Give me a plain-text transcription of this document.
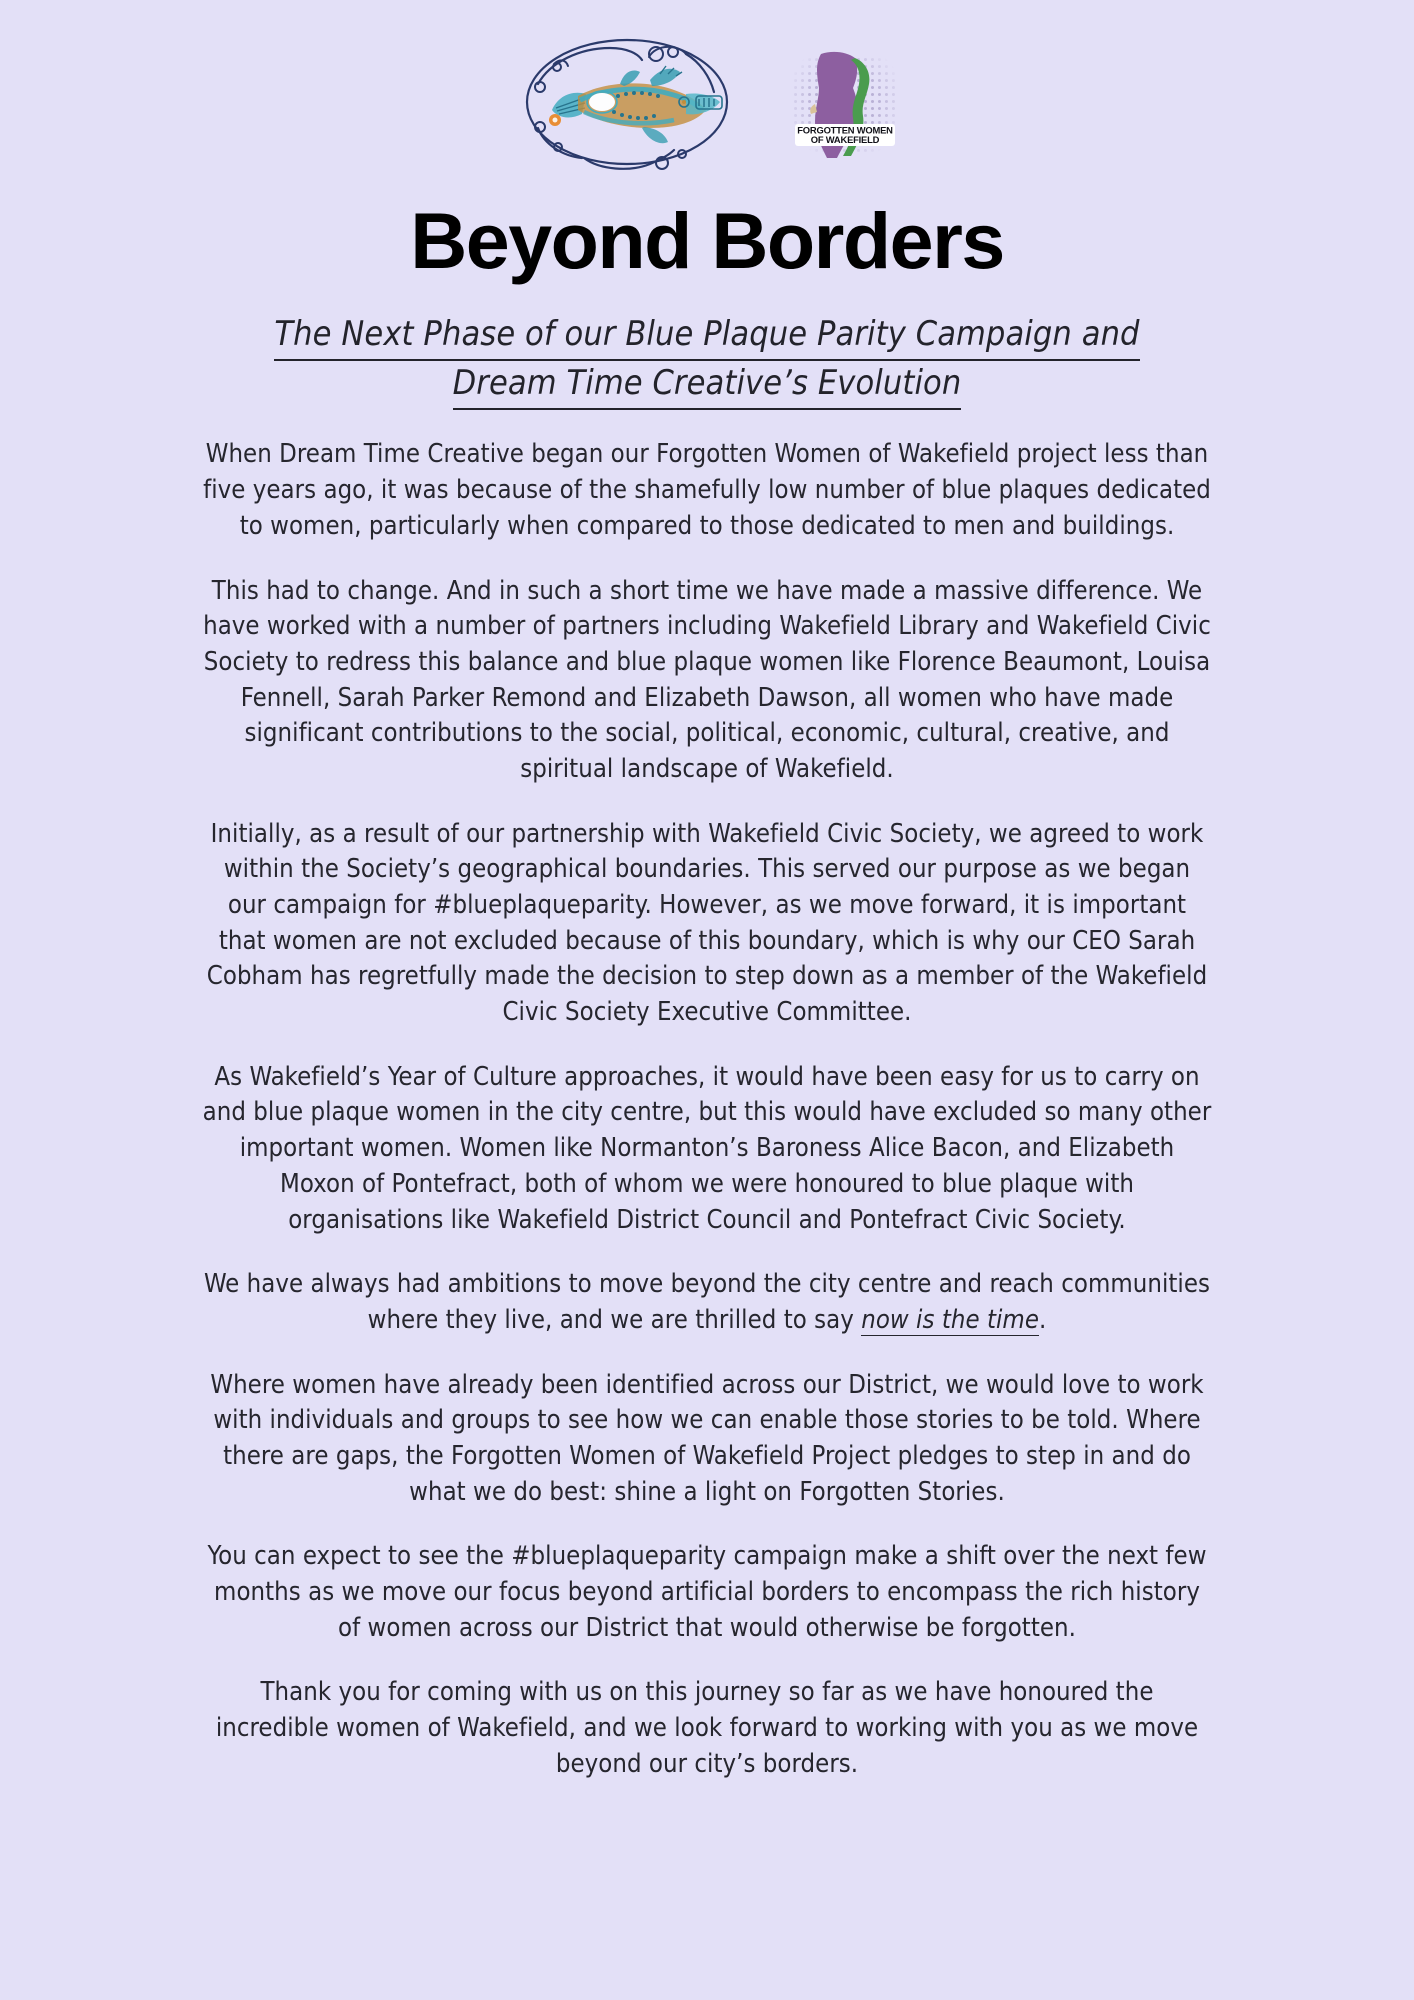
FORGOTTEN WOMEN
OF WAKEFIELD
Beyond Borders
The Next Phase of our Blue Plaque Parity Campaign and
Dream Time Creative’s Evolution

When Dream Time Creative began our Forgotten Women of Wakefield project less than five years ago, it was because of the shamefully low number of blue plaques dedicated to women, particularly when compared to those dedicated to men and buildings.

This had to change. And in such a short time we have made a massive difference. We have worked with a number of partners including Wakefield Library and Wakefield Civic Society to redress this balance and blue plaque women like Florence Beaumont, Louisa Fennell, Sarah Parker Remond and Elizabeth Dawson, all women who have made significant contributions to the social, political, economic, cultural, creative, and spiritual landscape of Wakefield.

Initially, as a result of our partnership with Wakefield Civic Society, we agreed to work within the Society’s geographical boundaries. This served our purpose as we began our campaign for #blueplaqueparity. However, as we move forward, it is important that women are not excluded because of this boundary, which is why our CEO Sarah Cobham has regretfully made the decision to step down as a member of the Wakefield Civic Society Executive Committee.

As Wakefield’s Year of Culture approaches, it would have been easy for us to carry on and blue plaque women in the city centre, but this would have excluded so many other important women. Women like Normanton’s Baroness Alice Bacon, and Elizabeth Moxon of Pontefract, both of whom we were honoured to blue plaque with organisations like Wakefield District Council and Pontefract Civic Society.

We have always had ambitions to move beyond the city centre and reach communities where they live, and we are thrilled to say now is the time.

Where women have already been identified across our District, we would love to work with individuals and groups to see how we can enable those stories to be told. Where there are gaps, the Forgotten Women of Wakefield Project pledges to step in and do what we do best: shine a light on Forgotten Stories.

You can expect to see the #blueplaqueparity campaign make a shift over the next few months as we move our focus beyond artificial borders to encompass the rich history of women across our District that would otherwise be forgotten.

Thank you for coming with us on this journey so far as we have honoured the incredible women of Wakefield, and we look forward to working with you as we move beyond our city’s borders.
